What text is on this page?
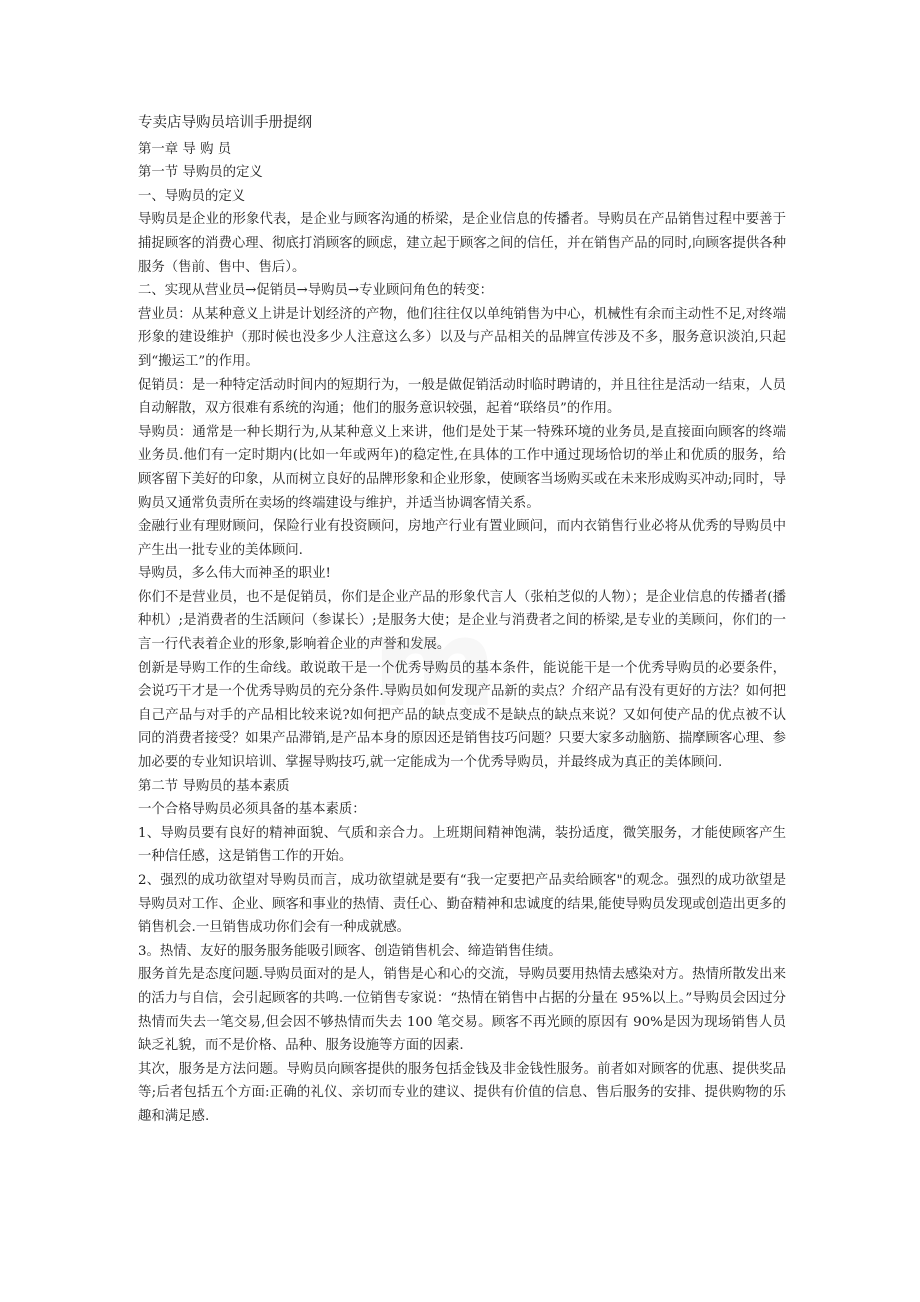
m

专卖店导购员培训手册提纲

第一章 导 购 员

第一节 导购员的定义

一、导购员的定义

导购员是企业的形象代表，是企业与顾客沟通的桥梁，是企业信息的传播者。导购员在产品销售过程中要善于捕捉顾客的消费心理、彻底打消顾客的顾虑，建立起于顾客之间的信任，并在销售产品的同时,向顾客提供各种服务（售前、售中、售后）。

二、实现从营业员→促销员→导购员→专业顾问角色的转变：

营业员：从某种意义上讲是计划经济的产物，他们往往仅以单纯销售为中心，机械性有余而主动性不足,对终端形象的建设维护（那时候也没多少人注意这么多）以及与产品相关的品牌宣传涉及不多，服务意识淡泊,只起到“搬运工”的作用。

促销员：是一种特定活动时间内的短期行为，一般是做促销活动时临时聘请的，并且往往是活动一结束，人员自动解散，双方很难有系统的沟通；他们的服务意识较强，起着“联络员”的作用。

导购员：通常是一种长期行为,从某种意义上来讲，他们是处于某一特殊环境的业务员,是直接面向顾客的终端业务员.他们有一定时期内(比如一年或两年)的稳定性,在具体的工作中通过现场恰切的举止和优质的服务，给顾客留下美好的印象，从而树立良好的品牌形象和企业形象，使顾客当场购买或在未来形成购买冲动;同时，导购员又通常负责所在卖场的终端建设与维护，并适当协调客情关系。

金融行业有理财顾问，保险行业有投资顾问，房地产行业有置业顾问，而内衣销售行业必将从优秀的导购员中产生出一批专业的美体顾问.

导购员，多么伟大而神圣的职业!

你们不是营业员，也不是促销员，你们是企业产品的形象代言人（张柏芝似的人物）；是企业信息的传播者(播种机）;是消费者的生活顾问（参谋长）;是服务大使；是企业与消费者之间的桥梁,是专业的美顾问，你们的一言一行代表着企业的形象,影响着企业的声誉和发展。

创新是导购工作的生命线。敢说敢干是一个优秀导购员的基本条件，能说能干是一个优秀导购员的必要条件，会说巧干才是一个优秀导购员的充分条件.导购员如何发现产品新的卖点？介绍产品有没有更好的方法？如何把自己产品与对手的产品相比较来说?如何把产品的缺点变成不是缺点的缺点来说？又如何使产品的优点被不认同的消费者接受？如果产品滞销,是产品本身的原因还是销售技巧问题？只要大家多动脑筋、揣摩顾客心理、参加必要的专业知识培训、掌握导购技巧,就一定能成为一个优秀导购员，并最终成为真正的美体顾问.

第二节 导购员的基本素质

一个合格导购员必须具备的基本素质：

1、导购员要有良好的精神面貌、气质和亲合力。上班期间精神饱满，装扮适度，微笑服务，才能使顾客产生一种信任感，这是销售工作的开始。

2、强烈的成功欲望对导购员而言，成功欲望就是要有“我一定要把产品卖给顾客"的观念。强烈的成功欲望是导购员对工作、企业、顾客和事业的热情、责任心、勤奋精神和忠诚度的结果,能使导购员发现或创造出更多的销售机会.一旦销售成功你们会有一种成就感。

3。热情、友好的服务服务能吸引顾客、创造销售机会、缔造销售佳绩。

服务首先是态度问题.导购员面对的是人，销售是心和心的交流，导购员要用热情去感染对方。热情所散发出来的活力与自信，会引起顾客的共鸣.一位销售专家说：“热情在销售中占据的分量在 95%以上。”导购员会因过分热情而失去一笔交易,但会因不够热情而失去 100 笔交易。顾客不再光顾的原因有 90%是因为现场销售人员缺乏礼貌，而不是价格、品种、服务设施等方面的因素.

其次，服务是方法问题。导购员向顾客提供的服务包括金钱及非金钱性服务。前者如对顾客的优惠、提供奖品等;后者包括五个方面:正确的礼仪、亲切而专业的建议、提供有价值的信息、售后服务的安排、提供购物的乐趣和满足感.
